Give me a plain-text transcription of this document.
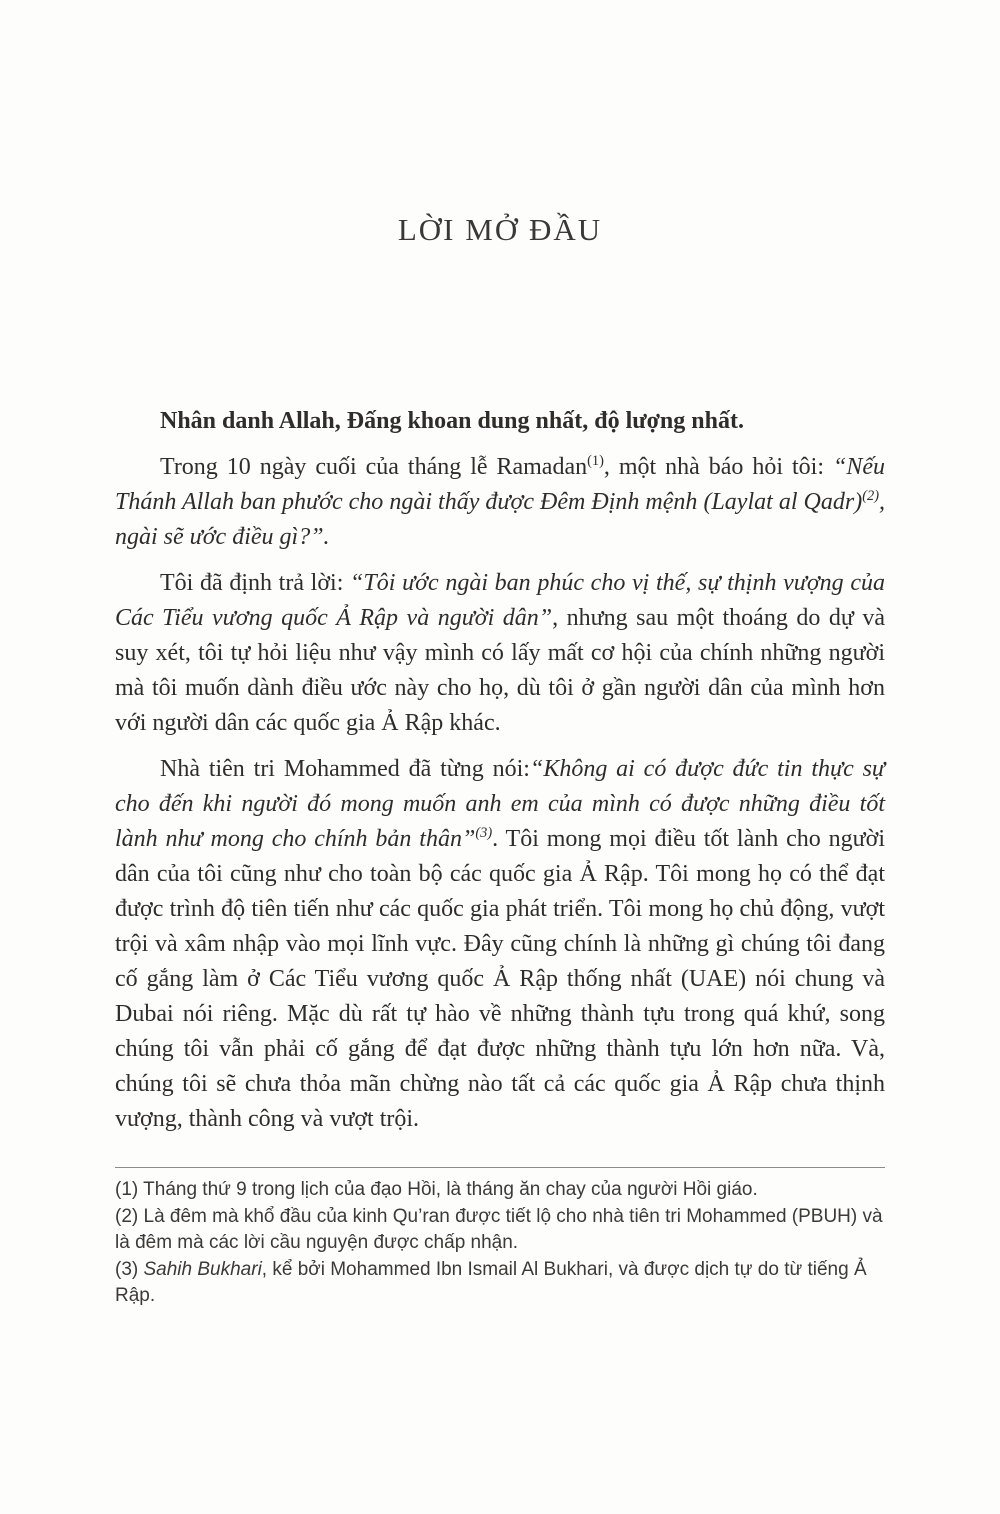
LỜI MỞ ĐẦU

Nhân danh Allah, Đấng khoan dung nhất, độ lượng nhất.

Trong 10 ngày cuối của tháng lễ Ramadan$^{(1)}$, một nhà báo hỏi tôi: “Nếu Thánh Allah ban phước cho ngài thấy được Đêm Định mệnh (Laylat al Qadr)$^{(2)}$, ngài sẽ ước điều gì?”.

Tôi đã định trả lời: “Tôi ước ngài ban phúc cho vị thế, sự thịnh vượng của Các Tiểu vương quốc Ả Rập và người dân”, nhưng sau một thoáng do dự và suy xét, tôi tự hỏi liệu như vậy mình có lấy mất cơ hội của chính những người mà tôi muốn dành điều ước này cho họ, dù tôi ở gần người dân của mình hơn với người dân các quốc gia Ả Rập khác.

Nhà tiên tri Mohammed đã từng nói:“Không ai có được đức tin thực sự cho đến khi người đó mong muốn anh em của mình có được những điều tốt lành như mong cho chính bản thân”$^{(3)}$. Tôi mong mọi điều tốt lành cho người dân của tôi cũng như cho toàn bộ các quốc gia Ả Rập. Tôi mong họ có thể đạt được trình độ tiên tiến như các quốc gia phát triển. Tôi mong họ chủ động, vượt trội và xâm nhập vào mọi lĩnh vực. Đây cũng chính là những gì chúng tôi đang cố gắng làm ở Các Tiểu vương quốc Ả Rập thống nhất (UAE) nói chung và Dubai nói riêng. Mặc dù rất tự hào về những thành tựu trong quá khứ, song chúng tôi vẫn phải cố gắng để đạt được những thành tựu lớn hơn nữa. Và, chúng tôi sẽ chưa thỏa mãn chừng nào tất cả các quốc gia Ả Rập chưa thịnh vượng, thành công và vượt trội.

(1) Tháng thứ 9 trong lịch của đạo Hồi, là tháng ăn chay của người Hồi giáo.

(2) Là đêm mà khổ đầu của kinh Qu’ran được tiết lộ cho nhà tiên tri Mohammed (PBUH) và là đêm mà các lời cầu nguyện được chấp nhận.

(3) Sahih Bukhari, kể bởi Mohammed Ibn Ismail Al Bukhari, và được dịch tự do từ tiếng Ả Rập.
